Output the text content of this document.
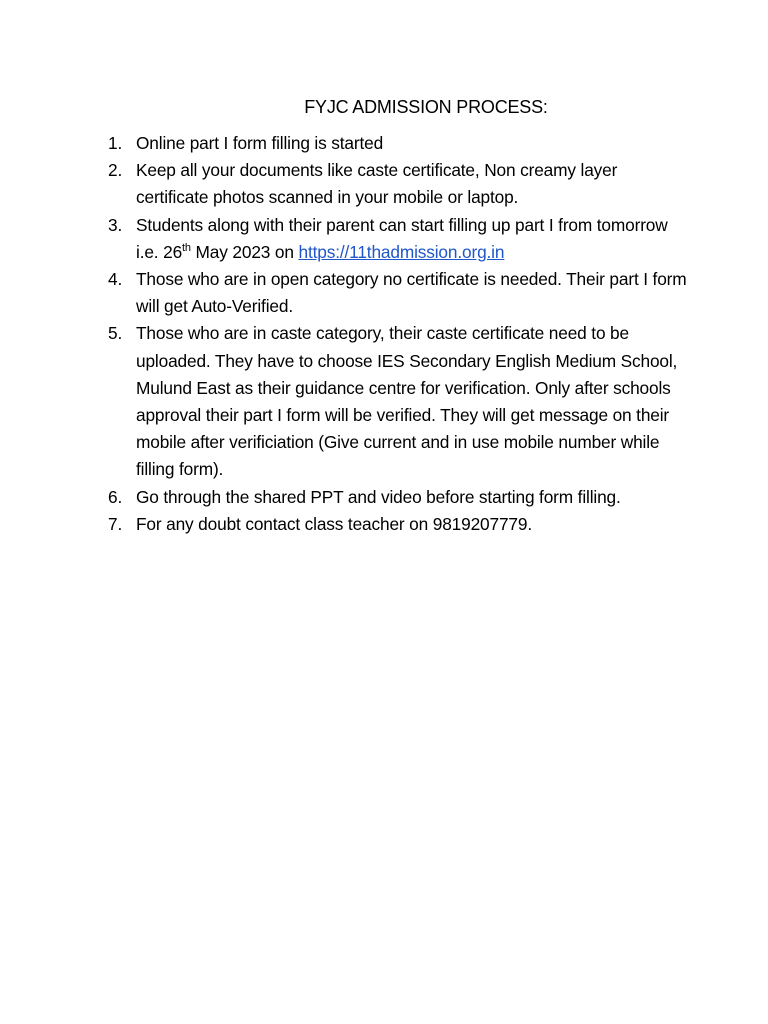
FYJC ADMISSION PROCESS:
1. Online part I form filling is started
2. Keep all your documents like caste certificate, Non creamy layer certificate photos scanned in your mobile or laptop.
3. Students along with their parent can start filling up part I from tomorrow i.e. 26th May 2023 on https://11thadmission.org.in
4. Those who are in open category no certificate is needed. Their part I form will get Auto-Verified.
5. Those who are in caste category, their caste certificate need to be uploaded. They have to choose IES Secondary English Medium School, Mulund East as their guidance centre for verification. Only after schools approval their part I form will be verified. They will get message on their mobile after verificiation (Give current and in use mobile number while filling form).
6. Go through the shared PPT and video before starting form filling.
7. For any doubt contact class teacher on 9819207779.
